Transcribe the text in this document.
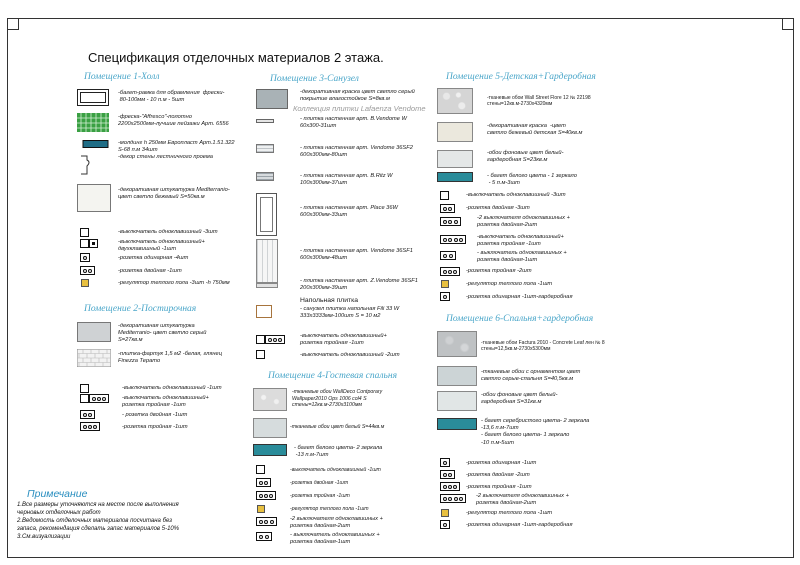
Спецификация отделочных материалов 2 этажа.
Помещение 1-Холл
-багет-рамка для обрамления  фрески-
80-100мм - 10 п.м - 5шт
-фреска-"Affresco"-полотно
2200х2500мм-лучшие пейзажи Арт. 6556
-молдинг h 250мм Европласт Арт.1.51.322
S-68 п.м 34шт
-декор стены лестничного проема
-декоративная штукатурка Mediterranio-
цвет светло бежевый S=50кв.м
-выключатель одноклавишный -3шт
-выключатель одноклавишный+
двухклавишный -1шт
-розетка одинарная -4шт
-розетка двойная -1шт
-регулятор теплого пола -3шт -h 750мм
Помещение 2-Постирочная
-декоративная штукатурка
Mediterranio- цвет светло серый
S=27кв.м
-плитка-фартук 1,5 м2 -белая, глянец
Finezza Тераmo
-выключатель одноклавишный -1шт
-выключатель одноклавишный+
розетка тройная -1шт
- розетка двойная -1шт
-розетка тройная -1шт
Примечание
1.Все размеры уточняются на месте после выполнения
черновых отделочных работ
2.Ведомость отделочных материалов посчитана без
запаса, рекомендация сделать запас материалов 5-10%
3.См.визуализации
Помещение 3-Санузел
-декоративная краска цвет светло серый
покрытие влагостойкое S=8кв.м
Коллекция плитки Lafaenza Vendome
- плитка настенная арт. B.Vendome W
60х300-31шт
- плитка настенная арт. Vendome 36SF2
600х300мм-80шт
- плитка настенная арт. B.Ritz W
100х300мм-37шт
- плитка настенная арт. Place 36W
600х300мм-33шт
- плитка настенная арт. Vendome 36SF1
600х300мм-48шт
- плитка настенная арт. Z.Vendome 36SF1
200х300мм-39шт
Напольная плитка
- санузел плитка напольная Fili 33 W
333х3333мм-100шт S = 10 м2
-выключатель одноклавишный+
розетка тройная -1шт
-выключатель одноклавишный -2шт
Помещение 4-Гостевая спальня
-тканевые обои WallDeco Contporary
Wallpaper2010 Ops 1006 col4 S
стены=12кв.м-2730х3100мм
-тканевые обои цвет белый S=44кв.м
- багет белого цвета- 2 зеркала
-13 п.м-7шт
-выключатель одноклавишный -1шт
-розетка двойная -1шт
-розетка тройная -1шт
-регулятор теплого пола -1шт
-2 выключателя одноклавишных +
розетка двойная-2шт
- выключатель одноклавишных +
розетка двойная-1шт
Помещение 5-Детская+Гардеробная
-тканевые обои Wall Street Flore 12 № 22198
стены=12кв.м-2730х4320мм
-декоративная краска  -цвет
светло бежевый детская S=40кв.м
-обои фоновые цвет белый-
гардеробная S=23кв.м
- багет белого цвета - 1 зеркало
- 5 п.м-3шт
-выключатель одноклавишный -3шт
-розетка двойная -3шт
-2 выключателя одноклавишных +
розетка двойная-2шт
-выключатель одноклавишный+
розетка тройная -1шт
- выключатель одноклавишных +
розетка двойная-1шт
-розетка тройная -2шт
-регулятор теплого пола -1шт
-розетка одинарная -1шт-гардеробная
Помещение 6-Спальня+гардеробная
-тканевые обои Factura 2010 - Concrete Leaf лен № 8
стены=12,5кв.м-2730х5300мм
-тканевые обои с орнаментом цвет
светло серые-спальня S=40,5кв.м
-обои фоновые цвет белый-
гардеробная S=31кв.м
- багет серебристого цвета- 2 зеркала
-13,6 п.м-7шт
- багет белого цвета- 1 зеркало
-10 п.м-5шт
-розетка одинарная -1шт
-розетка двойная -2шт
-розетка тройная -1шт
-2 выключателя одноклавишных +
розетка двойная-2шт
-регулятор теплого пола -1шт
-розетка одинарная -1шт-гардеробная
